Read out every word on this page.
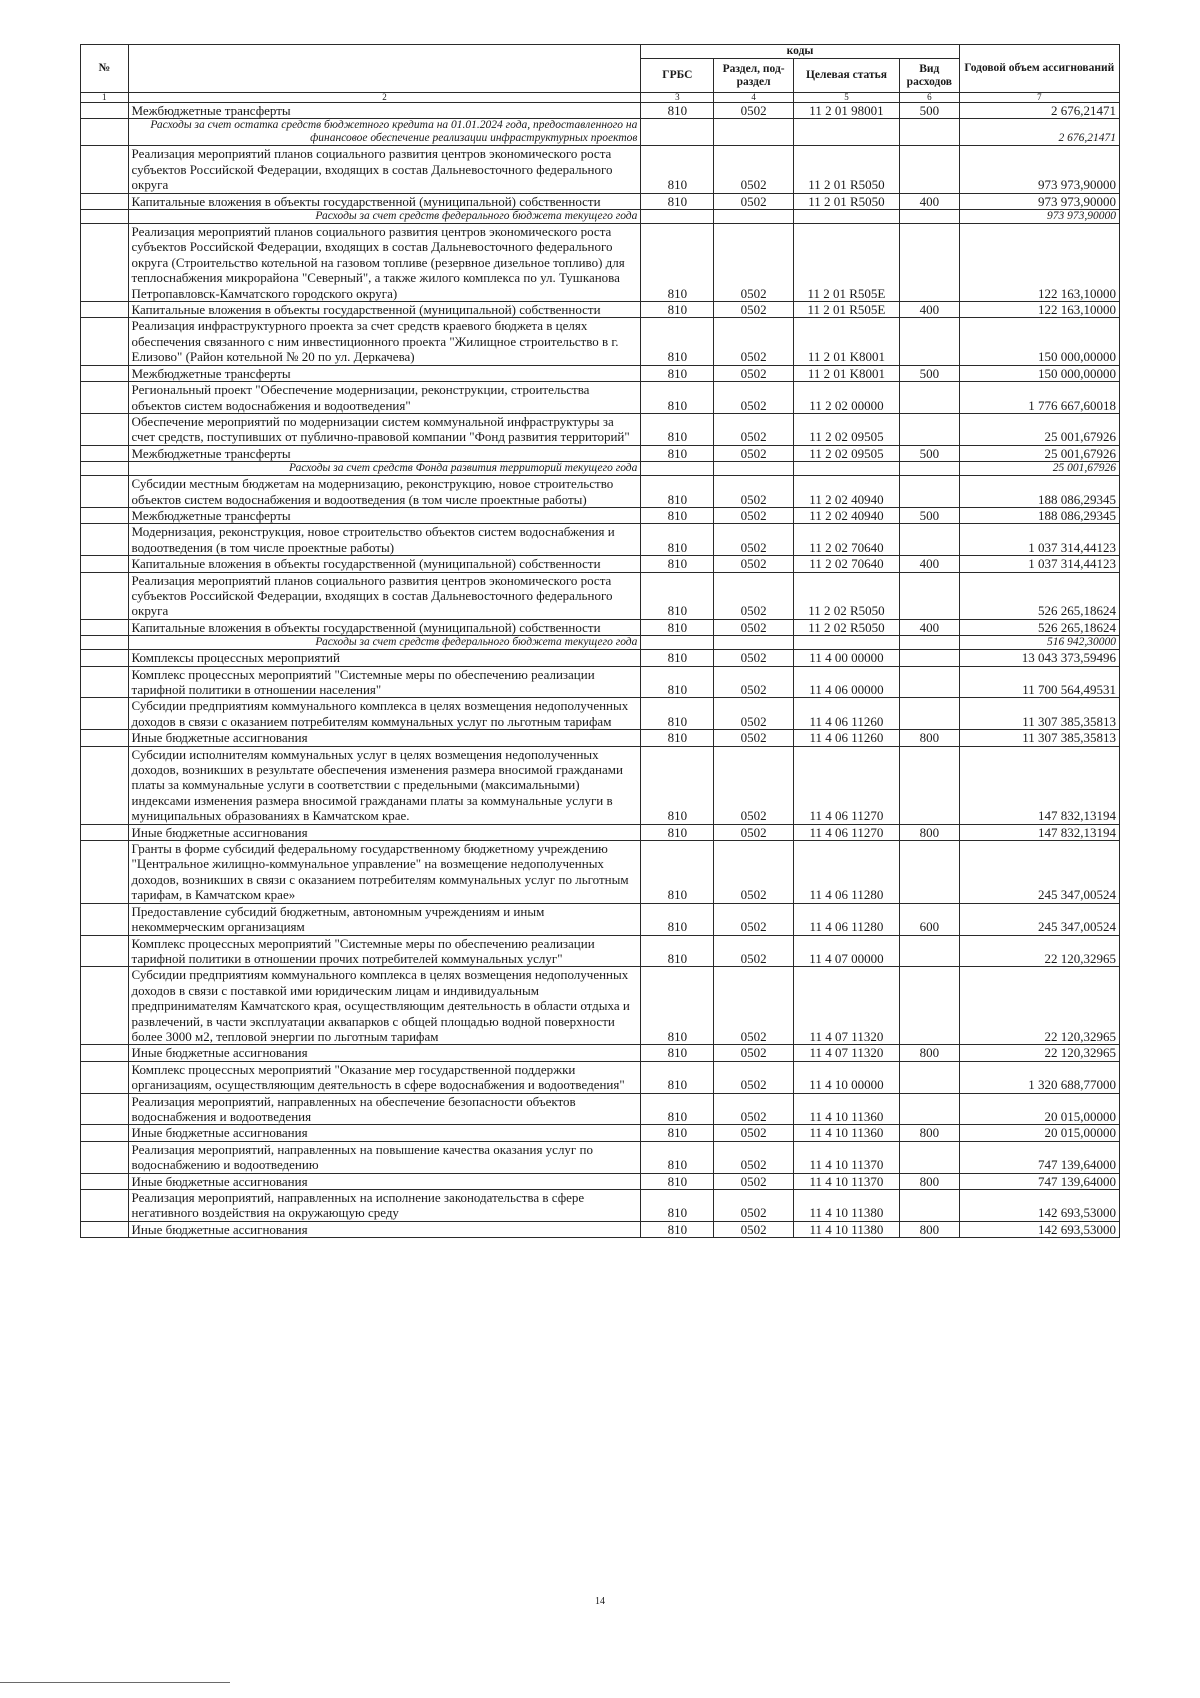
№		коды				Годовой объем ассигнований
		ГРБС	Раздел, под-раздел	Целевая статья	Вид расходов	
1	2	3	4	5	6	7
	Межбюджетные трансферты	810	0502	11 2 01 98001	500	2 676,21471
	Расходы за счет остатка средств бюджетного кредита на 01.01.2024 года, предоставленного на финансовое обеспечение реализации инфраструктурных проектов					2 676,21471
	Реализация мероприятий планов социального развития центров экономического роста субъектов Российской Федерации, входящих в состав Дальневосточного федерального округа	810	0502	11 2 01 R5050		973 973,90000
	Капитальные вложения в объекты государственной (муниципальной) собственности	810	0502	11 2 01 R5050	400	973 973,90000
	Расходы за счет средств федерального бюджета текущего года					973 973,90000
	Реализация мероприятий планов социального развития центров экономического роста субъектов Российской Федерации, входящих в состав Дальневосточного федерального округа (Строительство котельной на газовом топливе (резервное дизельное топливо) для теплоснабжения микрорайона "Северный", а также жилого комплекса по ул. Тушканова Петропавловск-Камчатского городского округа)	810	0502	11 2 01 R505E		122 163,10000
	Капитальные вложения в объекты государственной (муниципальной) собственности	810	0502	11 2 01 R505E	400	122 163,10000
	Реализация инфраструктурного проекта за счет средств краевого бюджета в целях обеспечения связанного с ним инвестиционного проекта "Жилищное строительство в г. Елизово" (Район котельной № 20 по ул. Деркачева)	810	0502	11 2 01 K8001		150 000,00000
	Межбюджетные трансферты	810	0502	11 2 01 K8001	500	150 000,00000
	Региональный проект "Обеспечение модернизации, реконструкции, строительства объектов систем водоснабжения и водоотведения"	810	0502	11 2 02 00000		1 776 667,60018
	Обеспечение мероприятий по модернизации систем коммунальной инфраструктуры за счет средств, поступивших от публично-правовой компании "Фонд развития территорий"	810	0502	11 2 02 09505		25 001,67926
	Межбюджетные трансферты	810	0502	11 2 02 09505	500	25 001,67926
	Расходы за счет средств Фонда развития территорий текущего года					25 001,67926
	Субсидии местным бюджетам на модернизацию, реконструкцию, новое строительство объектов систем водоснабжения и водоотведения (в том числе проектные работы)	810	0502	11 2 02 40940		188 086,29345
	Межбюджетные трансферты	810	0502	11 2 02 40940	500	188 086,29345
	Модернизация, реконструкция, новое строительство объектов систем водоснабжения и водоотведения (в том числе проектные работы)	810	0502	11 2 02 70640		1 037 314,44123
	Капитальные вложения в объекты государственной (муниципальной) собственности	810	0502	11 2 02 70640	400	1 037 314,44123
	Реализация мероприятий планов социального развития центров экономического роста субъектов Российской Федерации, входящих в состав Дальневосточного федерального округа	810	0502	11 2 02 R5050		526 265,18624
	Капитальные вложения в объекты государственной (муниципальной) собственности	810	0502	11 2 02 R5050	400	526 265,18624
	Расходы за счет средств федерального бюджета текущего года					516 942,30000
	Комплексы процессных мероприятий	810	0502	11 4 00 00000		13 043 373,59496
	Комплекс процессных мероприятий "Системные меры по обеспечению реализации тарифной политики в отношении населения"	810	0502	11 4 06 00000		11 700 564,49531
	Субсидии предприятиям коммунального комплекса в целях возмещения недополученных доходов в связи с оказанием потребителям коммунальных услуг по льготным тарифам	810	0502	11 4 06 11260		11 307 385,35813
	Иные бюджетные ассигнования	810	0502	11 4 06 11260	800	11 307 385,35813
	Субсидии исполнителям коммунальных услуг в целях возмещения недополученных доходов, возникших в результате обеспечения изменения размера вносимой гражданами платы за коммунальные услуги в соответствии с предельными (максимальными) индексами изменения размера вносимой гражданами платы за коммунальные услуги в муниципальных образованиях в Камчатском крае.	810	0502	11 4 06 11270		147 832,13194
	Иные бюджетные ассигнования	810	0502	11 4 06 11270	800	147 832,13194
	Гранты в форме субсидий федеральному государственному бюджетному учреждению "Центральное жилищно-коммунальное управление" на возмещение недополученных доходов, возникших в связи с оказанием потребителям коммунальных услуг по льготным тарифам, в Камчатском крае»	810	0502	11 4 06 11280		245 347,00524
	Предоставление субсидий бюджетным, автономным учреждениям и иным некоммерческим организациям	810	0502	11 4 06 11280	600	245 347,00524
	Комплекс процессных мероприятий "Системные меры по обеспечению реализации тарифной политики в отношении прочих потребителей коммунальных услуг"	810	0502	11 4 07 00000		22 120,32965
	Субсидии предприятиям коммунального комплекса в целях возмещения недополученных доходов в связи с поставкой ими юридическим лицам и индивидуальным предпринимателям Камчатского края, осуществляющим деятельность в области отдыха и развлечений, в части эксплуатации аквапарков с общей площадью водной поверхности более 3000 м2, тепловой энергии по льготным тарифам	810	0502	11 4 07 11320		22 120,32965
	Иные бюджетные ассигнования	810	0502	11 4 07 11320	800	22 120,32965
	Комплекс процессных мероприятий "Оказание мер государственной поддержки организациям, осуществляющим деятельность в сфере водоснабжения и водоотведения"	810	0502	11 4 10 00000		1 320 688,77000
	Реализация мероприятий, направленных на обеспечение безопасности объектов водоснабжения и водоотведения	810	0502	11 4 10 11360		20 015,00000
	Иные бюджетные ассигнования	810	0502	11 4 10 11360	800	20 015,00000
	Реализация мероприятий, направленных на повышение качества оказания услуг по водоснабжению и водоотведению	810	0502	11 4 10 11370		747 139,64000
	Иные бюджетные ассигнования	810	0502	11 4 10 11370	800	747 139,64000
	Реализация мероприятий, направленных на исполнение законодательства в сфере негативного воздействия на окружающую среду	810	0502	11 4 10 11380		142 693,53000
	Иные бюджетные ассигнования	810	0502	11 4 10 11380	800	142 693,53000
14
